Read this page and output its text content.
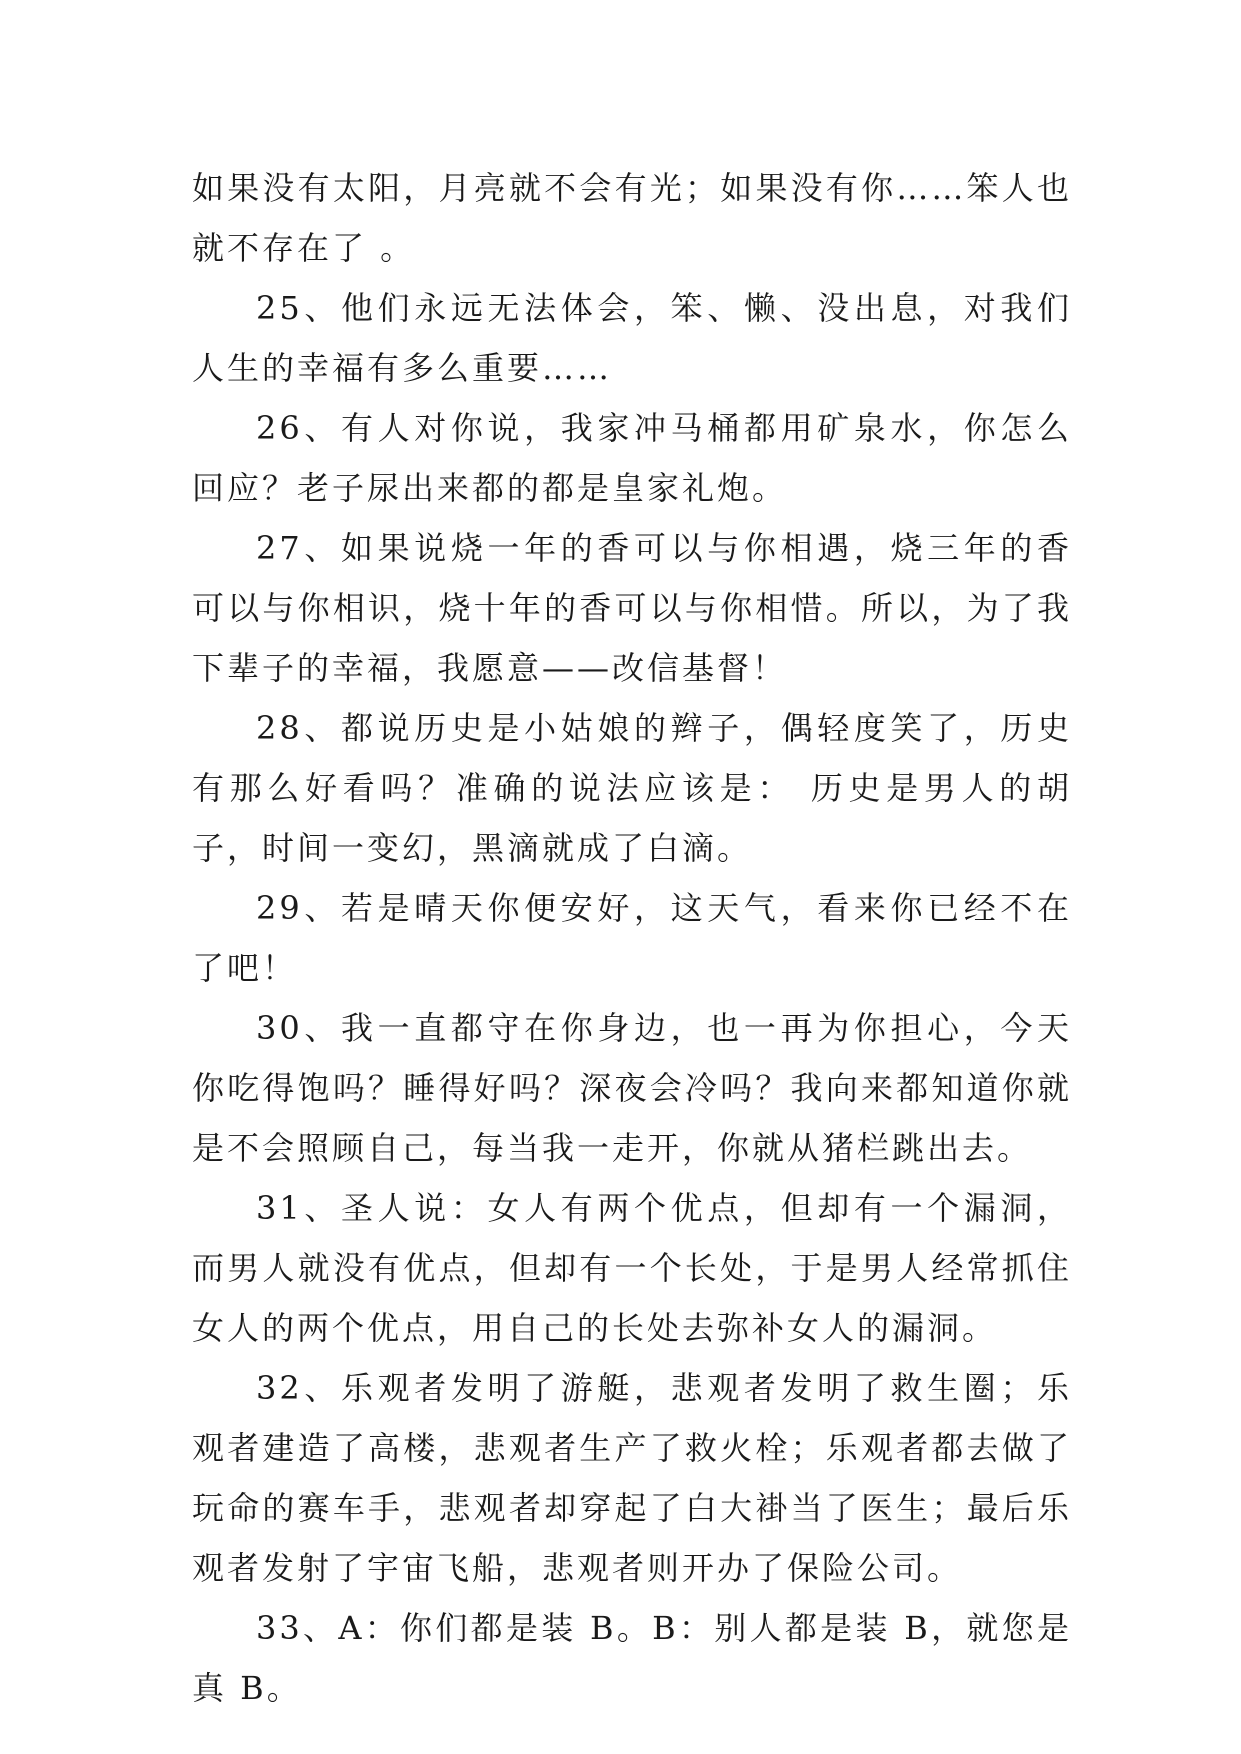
如果没有太阳，月亮就不会有光；如果没有你……笨人也就不存在了 。

25、他们永远无法体会，笨、懒、没出息，对我们人生的幸福有多么重要……

26、有人对你说，我家冲马桶都用矿泉水，你怎么回应？老子尿出来都的都是皇家礼炮。

27、如果说烧一年的香可以与你相遇，烧三年的香可以与你相识，烧十年的香可以与你相惜。所以，为了我下辈子的幸福，我愿意——改信基督！

28、都说历史是小姑娘的辫子，偶轻度笑了，历史有那么好看吗？准确的说法应该是： 历史是男人的胡子，时间一变幻，黑滴就成了白滴。

29、若是晴天你便安好，这天气，看来你已经不在了吧！

30、我一直都守在你身边，也一再为你担心，今天你吃得饱吗？睡得好吗？深夜会冷吗？我向来都知道你就是不会照顾自己，每当我一走开，你就从猪栏跳出去。

31、圣人说：女人有两个优点，但却有一个漏洞，而男人就没有优点，但却有一个长处，于是男人经常抓住女人的两个优点，用自己的长处去弥补女人的漏洞。

32、乐观者发明了游艇，悲观者发明了救生圈；乐观者建造了高楼，悲观者生产了救火栓；乐观者都去做了玩命的赛车手，悲观者却穿起了白大褂当了医生；最后乐观者发射了宇宙飞船，悲观者则开办了保险公司。

33、A：你们都是装 B。B：别人都是装 B，就您是真 B。
